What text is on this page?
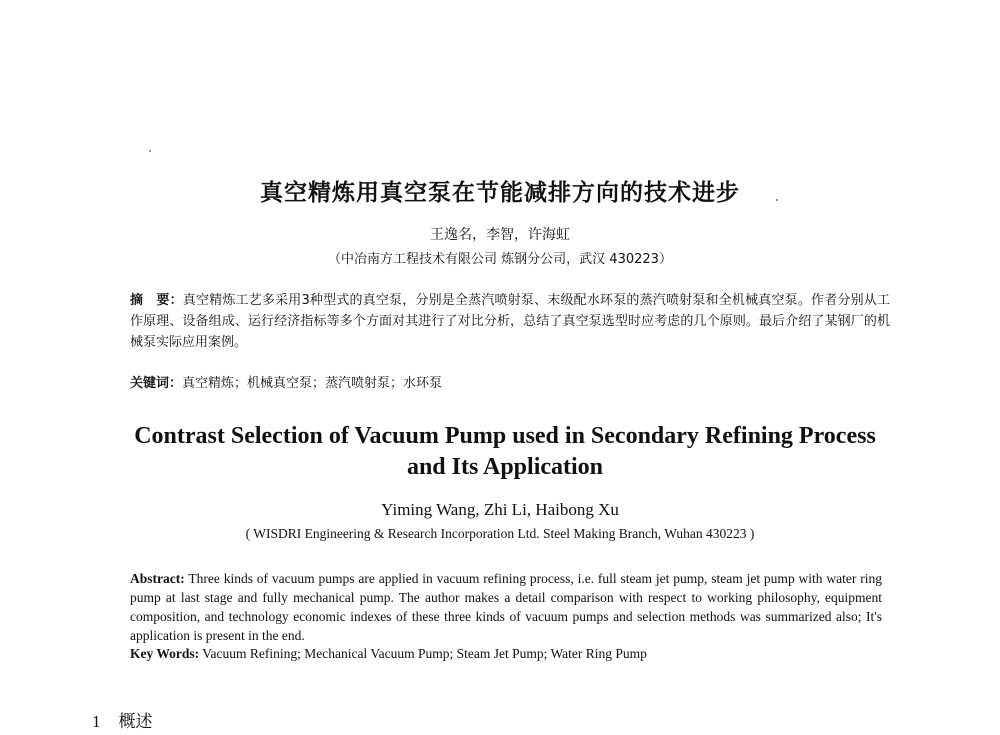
真空精炼用真空泵在节能减排方向的技术进步
王逸名，李智，许海虹
（中冶南方工程技术有限公司 炼钢分公司，武汉 430223）
摘　要：真空精炼工艺多采用3种型式的真空泵，分别是全蒸汽喷射泵、末级配水环泵的蒸汽喷射泵和全机械真空泵。作者分别从工作原理、设备组成、运行经济指标等多个方面对其进行了对比分析，总结了真空泵选型时应考虑的几个原则。最后介绍了某钢厂的机械泵实际应用案例。
关键词：真空精炼；机械真空泵；蒸汽喷射泵；水环泵
Contrast Selection of Vacuum Pump used in Secondary Refining Process
and Its Application
Yiming Wang, Zhi Li, Haibong Xu
( WISDRI Engineering & Research Incorporation Ltd. Steel Making Branch, Wuhan 430223 )
Abstract: Three kinds of vacuum pumps are applied in vacuum refining process, i.e. full steam jet pump, steam jet pump with water ring pump at last stage and fully mechanical pump. The author makes a detail comparison with respect to working philosophy, equipment composition, and technology economic indexes of these three kinds of vacuum pumps and selection methods was summarized also; It's application is present in the end.
Key Words: Vacuum Refining; Mechanical Vacuum Pump; Steam Jet Pump; Water Ring Pump
1 概述
